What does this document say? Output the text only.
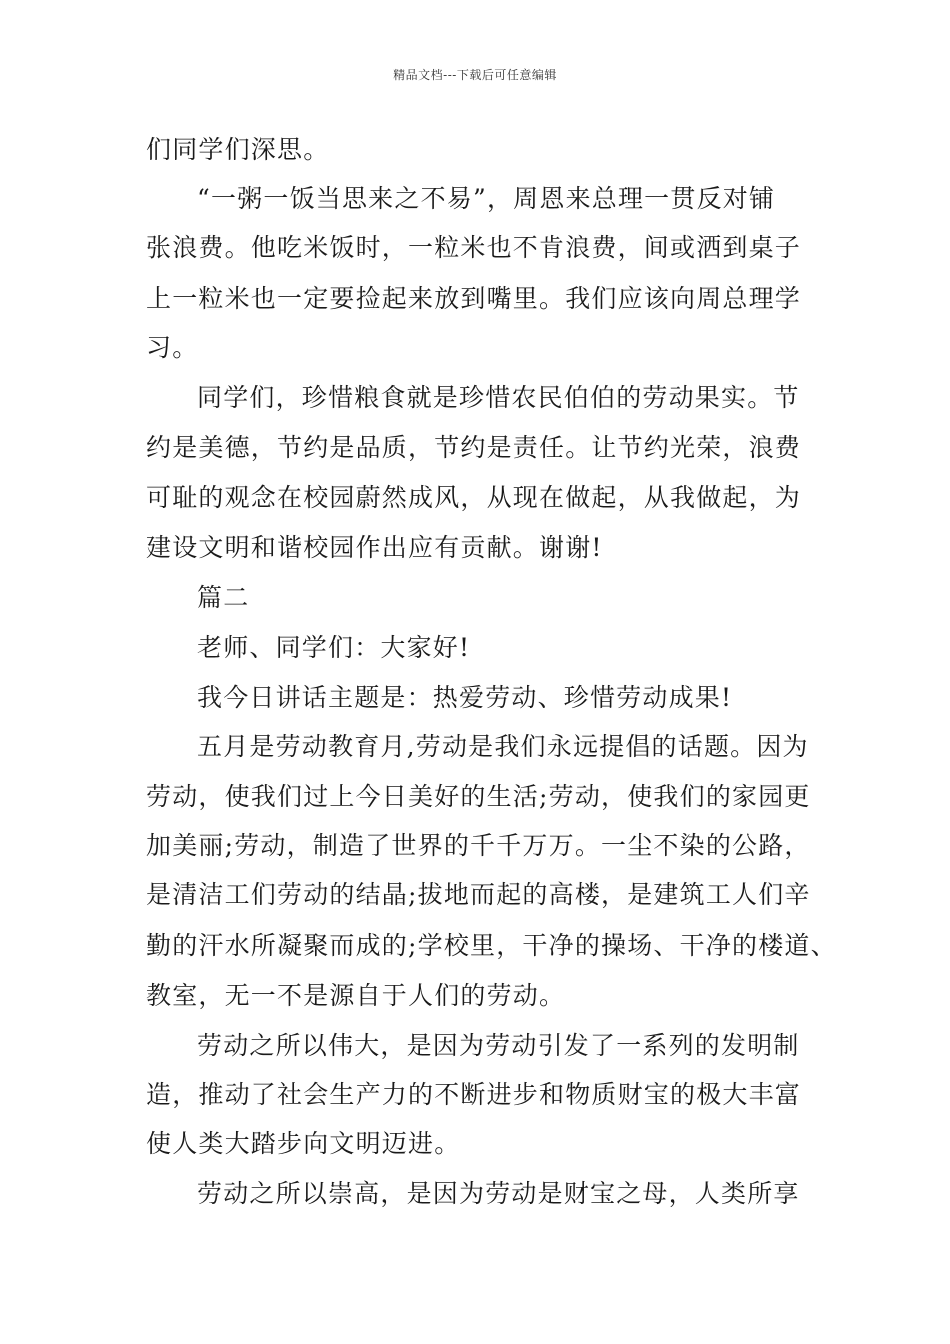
精品文档---下载后可任意编辑
们同学们深思。
“一粥一饭当思来之不易”，周恩来总理一贯反对铺
张浪费。他吃米饭时，一粒米也不肯浪费，间或洒到桌子
上一粒米也一定要捡起来放到嘴里。我们应该向周总理学
习。
同学们，珍惜粮食就是珍惜农民伯伯的劳动果实。节
约是美德，节约是品质，节约是责任。让节约光荣，浪费
可耻的观念在校园蔚然成风，从现在做起，从我做起，为
建设文明和谐校园作出应有贡献。谢谢!
篇二
老师、同学们：大家好!
我今日讲话主题是：热爱劳动、珍惜劳动成果!
五月是劳动教育月,劳动是我们永远提倡的话题。因为
劳动，使我们过上今日美好的生活;劳动，使我们的家园更
加美丽;劳动，制造了世界的千千万万。一尘不染的公路，
是清洁工们劳动的结晶;拔地而起的高楼，是建筑工人们辛
勤的汗水所凝聚而成的;学校里，干净的操场、干净的楼道、
教室，无一不是源自于人们的劳动。
劳动之所以伟大，是因为劳动引发了一系列的发明制
造，推动了社会生产力的不断进步和物质财宝的极大丰富
使人类大踏步向文明迈进。
劳动之所以崇高，是因为劳动是财宝之母，人类所享
